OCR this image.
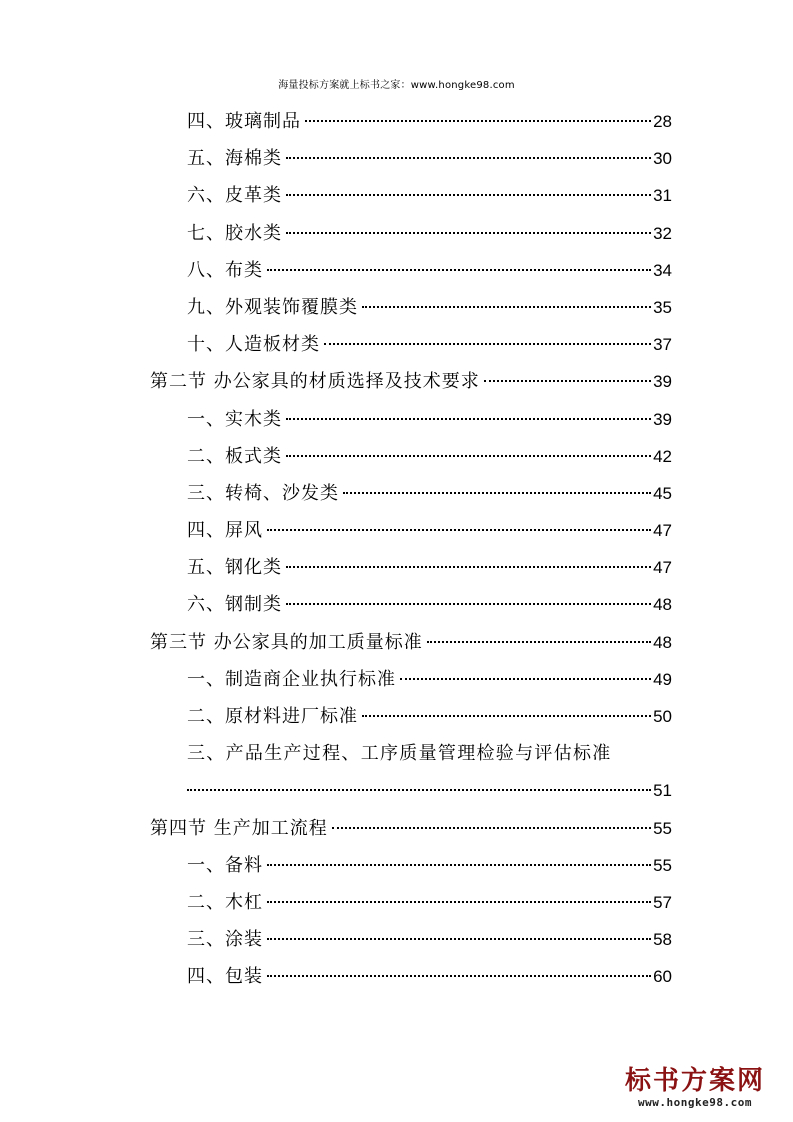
海量投标方案就上标书之家：www.hongke98.com
四、玻璃制品	28
五、海棉类	30
六、皮革类	31
七、胶水类	32
八、布类	34
九、外观装饰覆膜类	35
十、人造板材类	37
第二节 办公家具的材质选择及技术要求	39
一、实木类	39
二、板式类	42
三、转椅、沙发类	45
四、屏风	47
五、钢化类	47
六、钢制类	48
第三节 办公家具的加工质量标准	48
一、制造商企业执行标准	49
二、原材料进厂标准	50
三、产品生产过程、工序质量管理检验与评估标准
51
第四节 生产加工流程	55
一、备料	55
二、木杠	57
三、涂装	58
四、包装	60
标书方案网
www.hongke98.com
